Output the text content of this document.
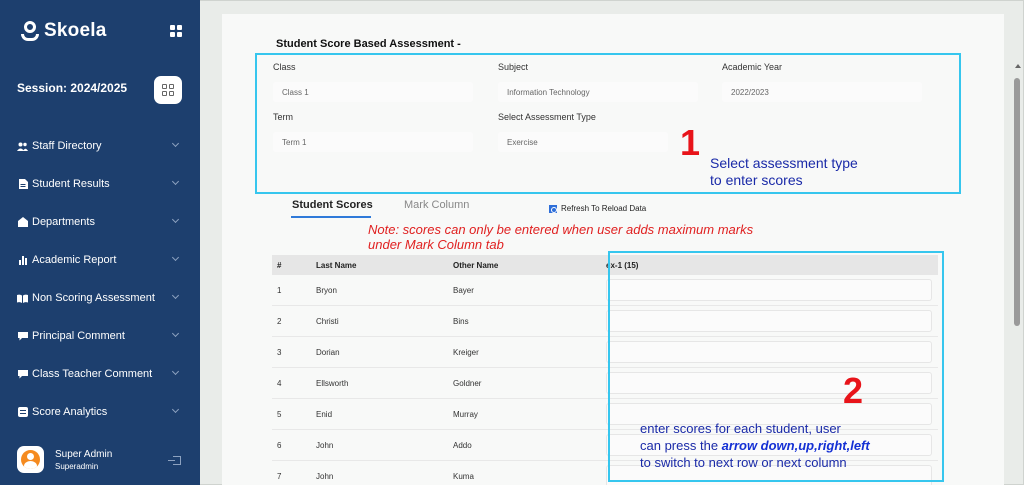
Skoela
Session: 2024/2025
Staff Directory
Student Results
Departments
Academic Report
Non Scoring Assessment
Principal Comment
Class Teacher Comment
Score Analytics
Super Admin
Superadmin
Student Score Based Assessment -
Class
Class 1
Subject
Information Technology
Academic Year
2022/2023
Term
Term 1
Select Assessment Type
Exercise	1 Select assessment type
to enter scores
Student Scores	Mark Column	Refresh To Reload Data
Note: scores can only be entered when user adds maximum marks
under Mark Column tab
#	Last Name	Other Name	ex-1 (15)
1	Bryon	Bayer
2	Christi	Bins
3	Dorian	Kreiger
4	Ellsworth	Goldner
5	Enid	Murray
6	John	Addo
7	John	Kuma
2
enter scores for each student, user
can press the arrow down,up,right,left
to switch to next row or next column
